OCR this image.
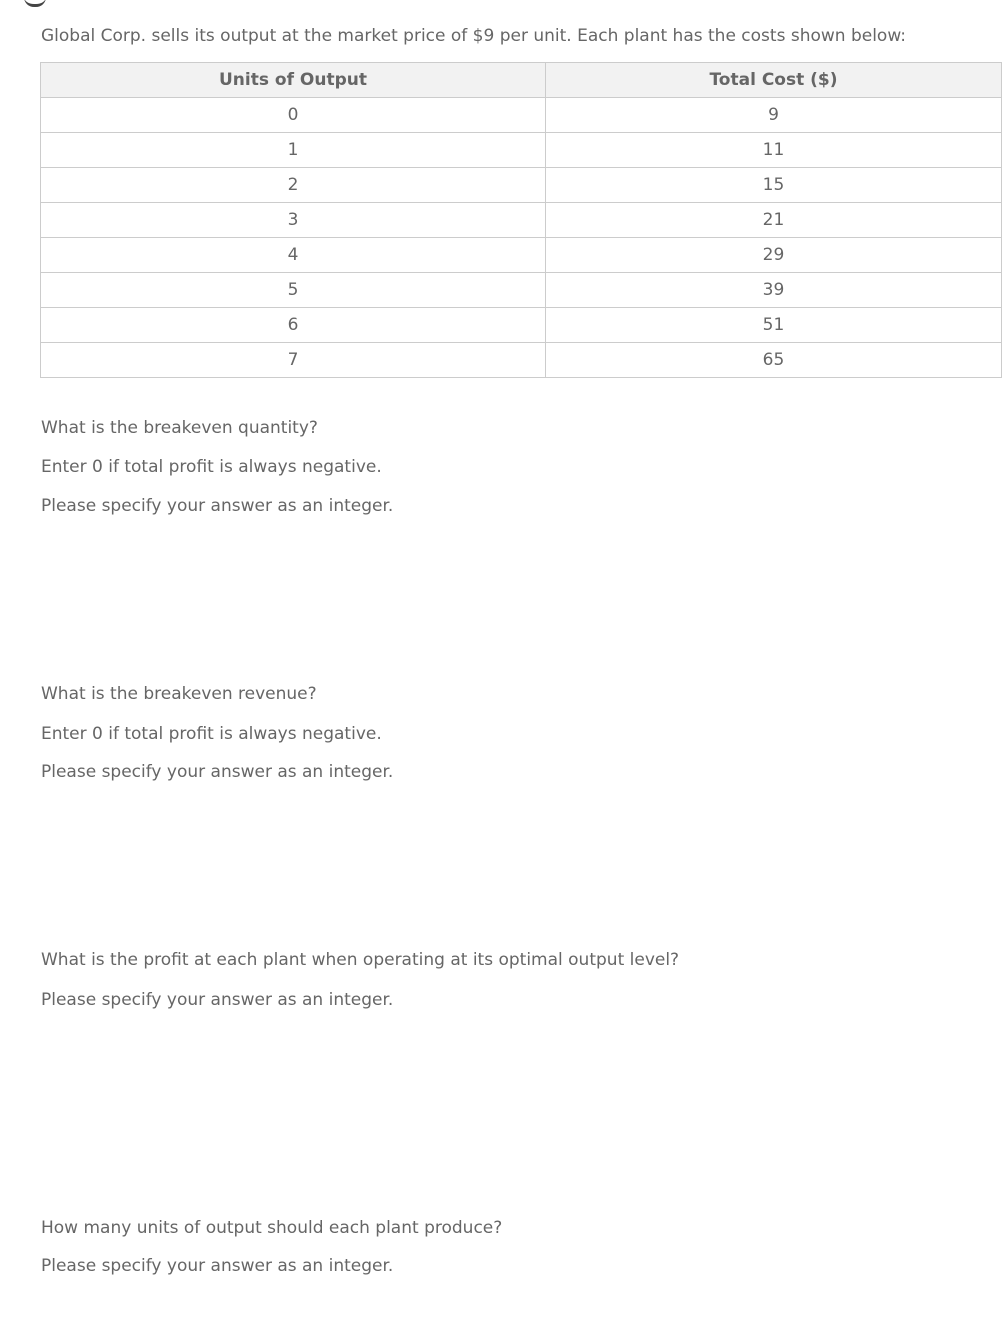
Global Corp. sells its output at the market price of $9 per unit. Each plant has the costs shown below:

Units of Output	Total Cost ($)
0	9
1	11
2	15
3	21
4	29
5	39
6	51
7	65

What is the breakeven quantity?

Enter 0 if total profit is always negative.

Please specify your answer as an integer.

What is the breakeven revenue?

Enter 0 if total profit is always negative.

Please specify your answer as an integer.

What is the profit at each plant when operating at its optimal output level?

Please specify your answer as an integer.

How many units of output should each plant produce?

Please specify your answer as an integer.
